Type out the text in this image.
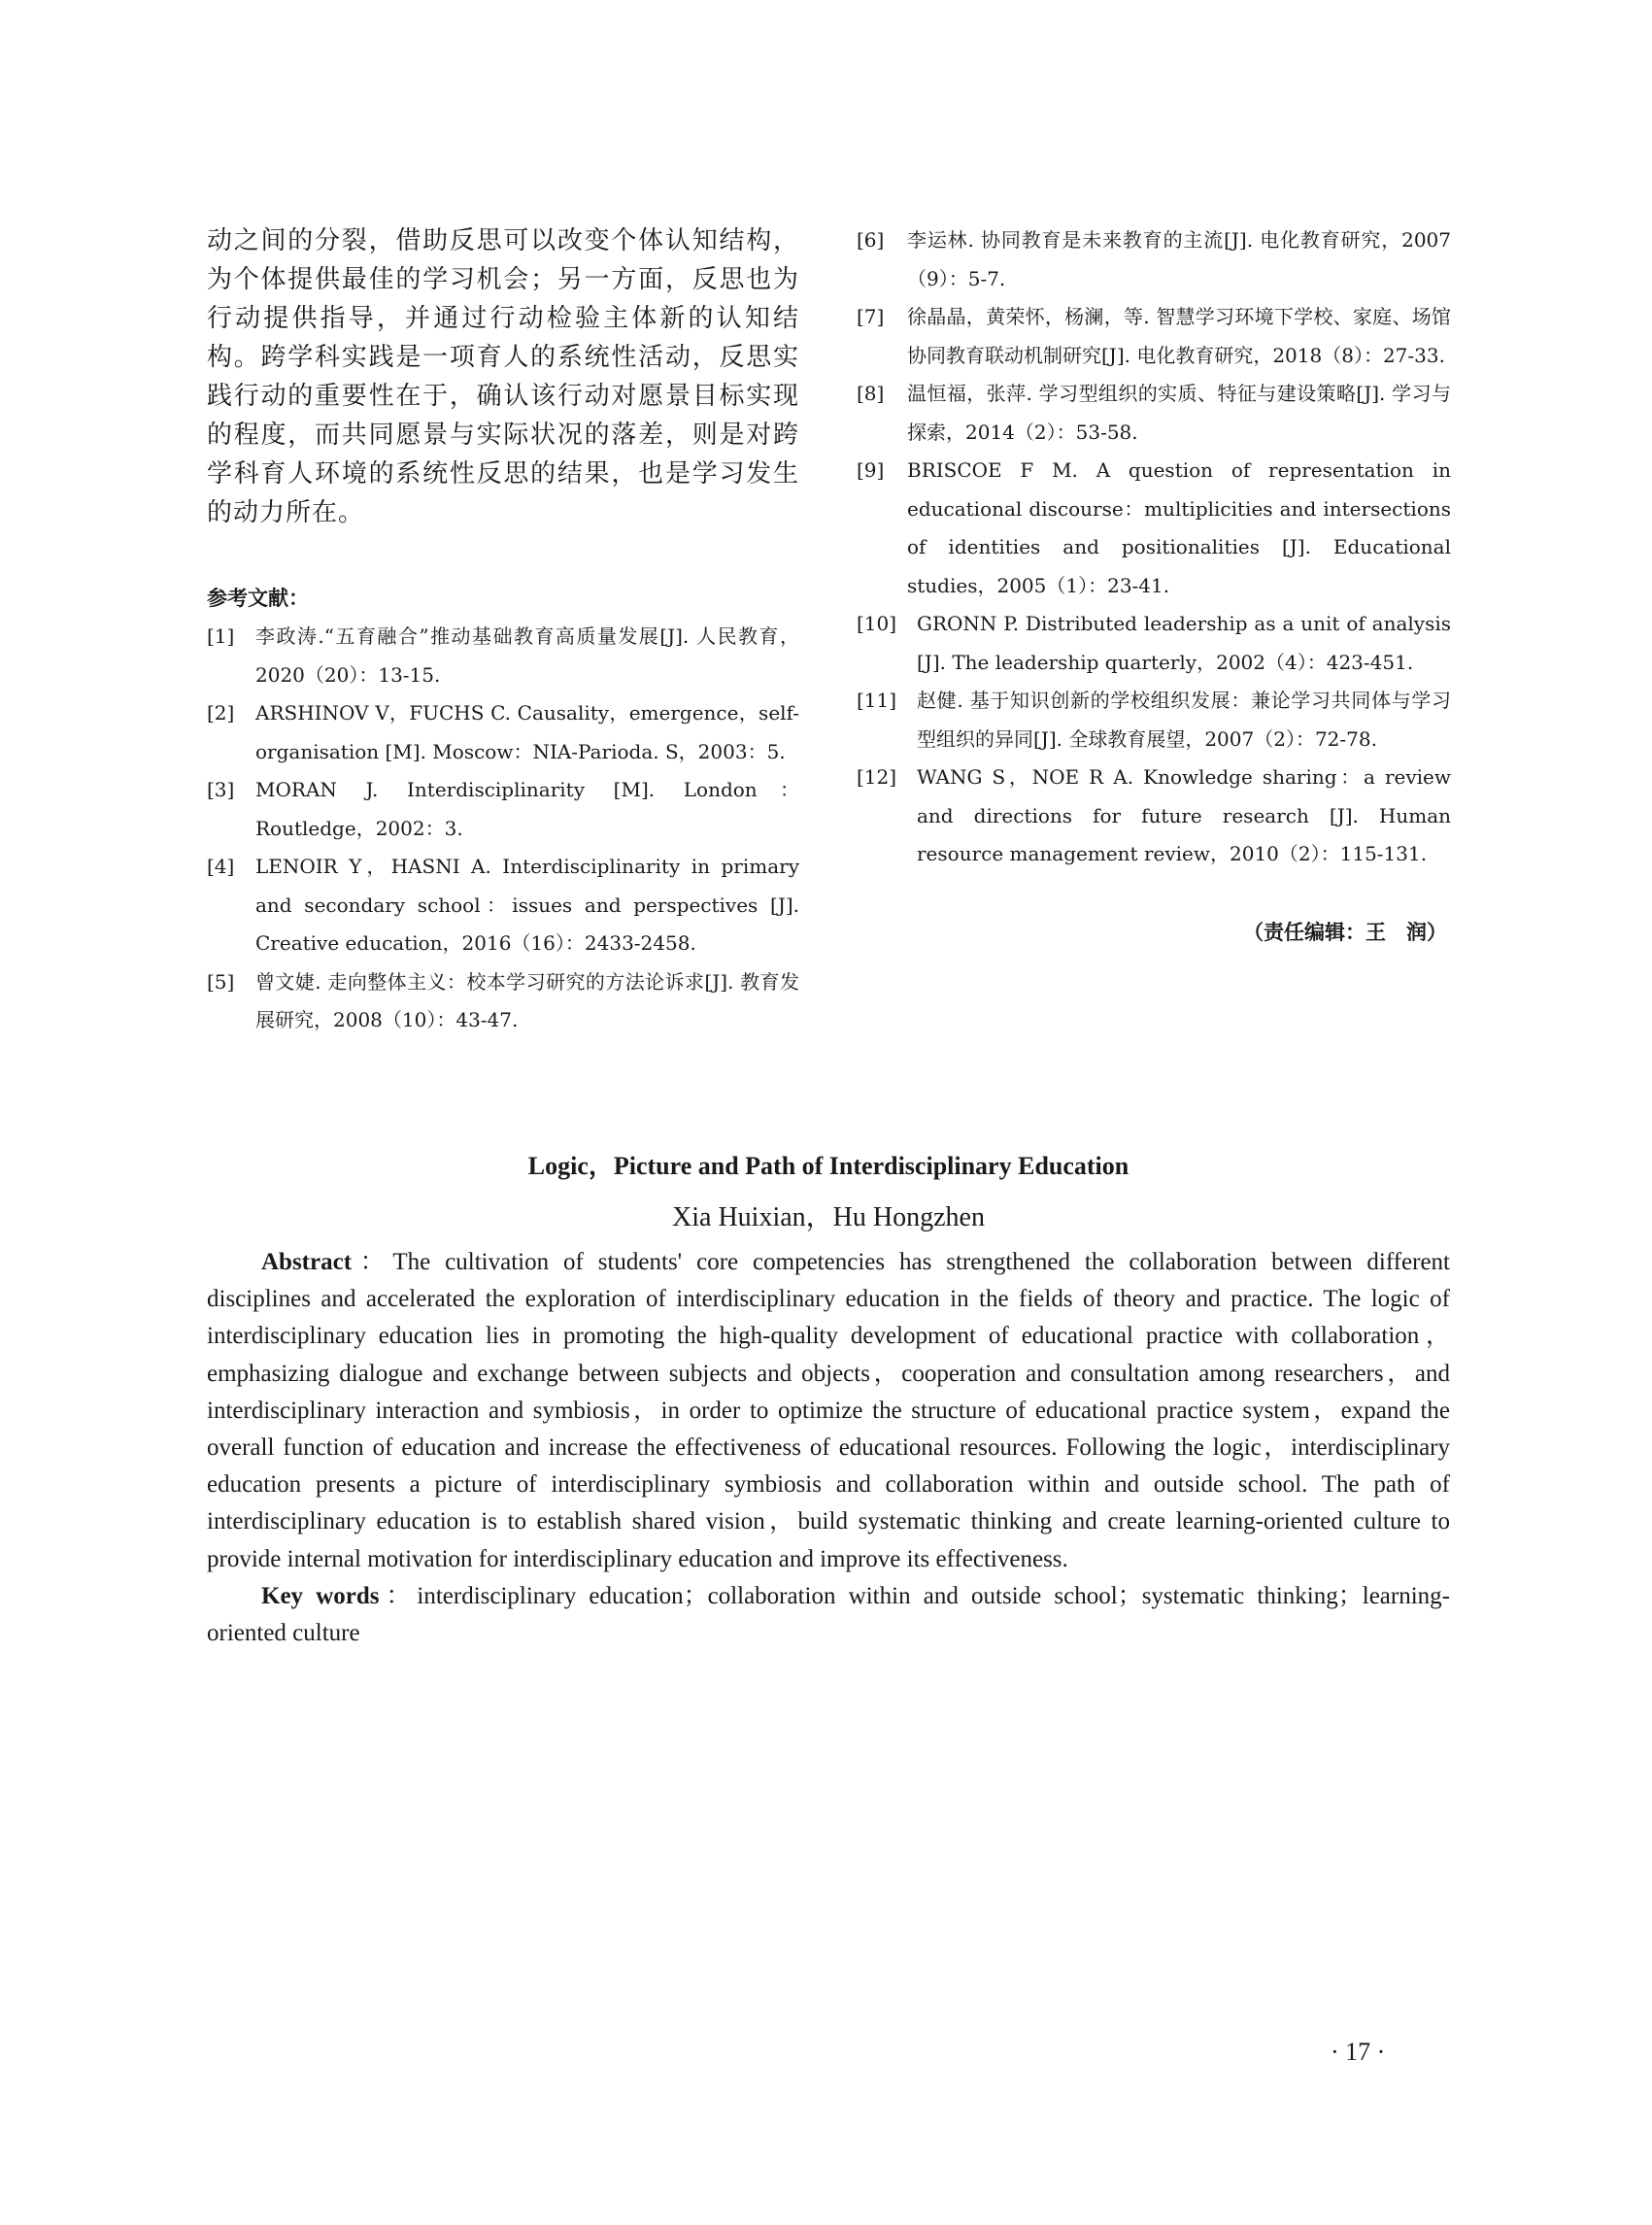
动之间的分裂，借助反思可以改变个体认知结构，为个体提供最佳的学习机会；另一方面，反思也为行动提供指导，并通过行动检验主体新的认知结构。跨学科实践是一项育人的系统性活动，反思实践行动的重要性在于，确认该行动对愿景目标实现的程度，而共同愿景与实际状况的落差，则是对跨学科育人环境的系统性反思的结果，也是学习发生的动力所在。

参考文献：
[1]	李政涛.“五育融合”推动基础教育高质量发展[J]. 人民教育，2020（20）：13-15.
[2]	ARSHINOV V，FUCHS C. Causality，emergence，self-organisation [M]. Moscow：NIA-Parioda. S，2003：5.
[3]	MORAN J. Interdisciplinarity [M]. London：Routledge，2002：3.
[4]	LENOIR Y，HASNI A. Interdisciplinarity in primary and secondary school：issues and perspectives [J]. Creative education，2016（16）：2433-2458.
[5]	曾文婕. 走向整体主义：校本学习研究的方法论诉求[J]. 教育发展研究，2008（10）：43-47.
[6]	李运林. 协同教育是未来教育的主流[J]. 电化教育研究，2007（9）：5-7.
[7]	徐晶晶，黄荣怀，杨澜，等. 智慧学习环境下学校、家庭、场馆协同教育联动机制研究[J]. 电化教育研究，2018（8）：27-33.
[8]	温恒福，张萍. 学习型组织的实质、特征与建设策略[J]. 学习与探索，2014（2）：53-58.
[9]	BRISCOE F M. A question of representation in educational discourse：multiplicities and intersections of identities and positionalities [J]. Educational studies，2005（1）：23-41.
[10]	GRONN P. Distributed leadership as a unit of analysis [J]. The leadership quarterly，2002（4）：423-451.
[11]	赵健. 基于知识创新的学校组织发展：兼论学习共同体与学习型组织的异同[J]. 全球教育展望，2007（2）：72-78.
[12]	WANG S，NOE R A. Knowledge sharing：a review and directions for future research [J]. Human resource management review，2010（2）：115-131.
（责任编辑：王　润）

Logic，Picture and Path of Interdisciplinary Education

Xia Huixian，Hu Hongzhen

Abstract：The cultivation of students' core competencies has strengthened the collaboration between different disciplines and accelerated the exploration of interdisciplinary education in the fields of theory and practice. The logic of interdisciplinary education lies in promoting the high-quality development of educational practice with collaboration，emphasizing dialogue and exchange between subjects and objects，cooperation and consultation among researchers，and interdisciplinary interaction and symbiosis，in order to optimize the structure of educational practice system，expand the overall function of education and increase the effectiveness of educational resources. Following the logic，interdisciplinary education presents a picture of interdisciplinary symbiosis and collaboration within and outside school. The path of interdisciplinary education is to establish shared vision，build systematic thinking and create learning-oriented culture to provide internal motivation for interdisciplinary education and improve its effectiveness.

Key words：interdisciplinary education；collaboration within and outside school；systematic thinking；learning-oriented culture

· 17 ·
